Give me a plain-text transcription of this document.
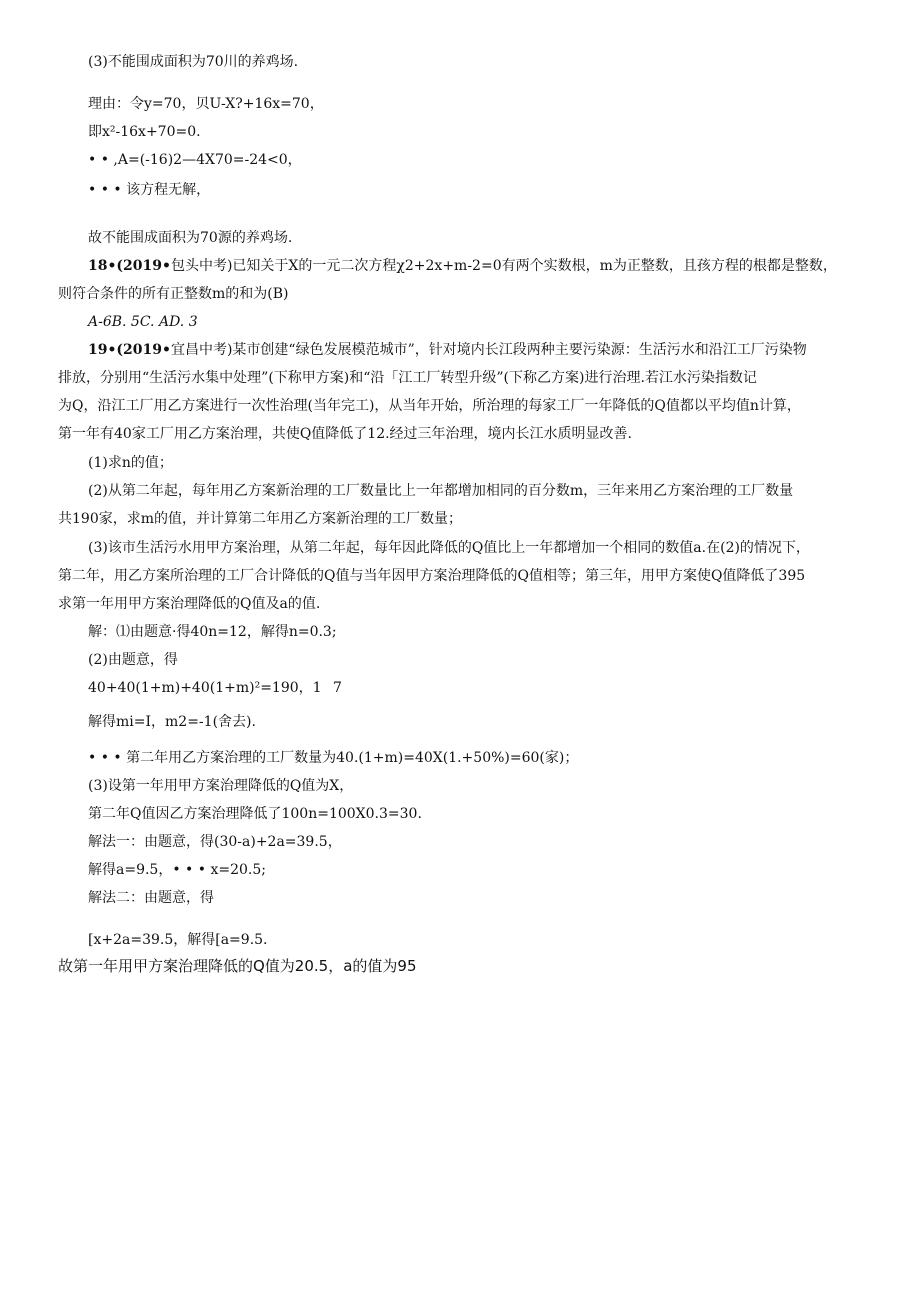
(3)不能围成面积为70川的养鸡场.

理由：令y=70，贝U-X?+16x=70，

即x²-16x+70=0.

• • ,A=(-16)2—4X70=-24<0，

• • • 该方程无解，

故不能围成面积为70源的养鸡场.

18•(2019•包头中考)已知关于X的一元二次方程χ2+2x+m-2=0有两个实数根，m为正整数，且孩方程的根都是整数，

则符合条件的所有正整数m的和为(B)

A-6B. 5C. AD. 3

19•(2019•宜昌中考)某市创建“绿色发展模范城市”，针对境内长江段两种主要污染源：生活污水和沿江工厂污染物

排放，分别用“生活污水集中处理”(下称甲方案)和“沿「江工厂转型升级”(下称乙方案)进行治理.若江水污染指数记

为Q，沿江工厂用乙方案进行一次性治理(当年完工)，从当年开始，所治理的每家工厂一年降低的Q值都以平均值n计算，

第一年有40家工厂用乙方案治理，共使Q值降低了12.经过三年治理，境内长江水质明显改善.

(1)求n的值；

(2)从第二年起，每年用乙方案新治理的工厂数量比上一年都增加相同的百分数m，三年来用乙方案治理的工厂数量

共190家，求m的值，并计算第二年用乙方案新治理的工厂数量；

(3)该市生活污水用甲方案治理，从第二年起，每年因此降低的Q值比上一年都增加一个相同的数值a.在(2)的情况下，

第二年，用乙方案所治理的工厂合计降低的Q值与当年因甲方案治理降低的Q值相等；第三年，用甲方案使Q值降低了395

求第一年用甲方案治理降低的Q值及a的值.

解：⑴由题意·得40n=12，解得n=0.3;

(2)由题意，得

40+40(1+m)+40(1+m)²=190，1 7

解得mi=I，m2=-1(舍去).

• • • 第二年用乙方案治理的工厂数量为40.(1+m)=40X(1.+50%)=60(家)；

(3)设第一年用甲方案治理降低的Q值为X，

第二年Q值因乙方案治理降低了100n=100X0.3=30.

解法一：由题意，得(30-a)+2a=39.5，

解得a=9.5，• • • x=20.5;

解法二：由题意，得

[x+2a=39.5，解得[a=9.5.

故第一年用甲方案治理降低的Q值为20.5，a的值为95
